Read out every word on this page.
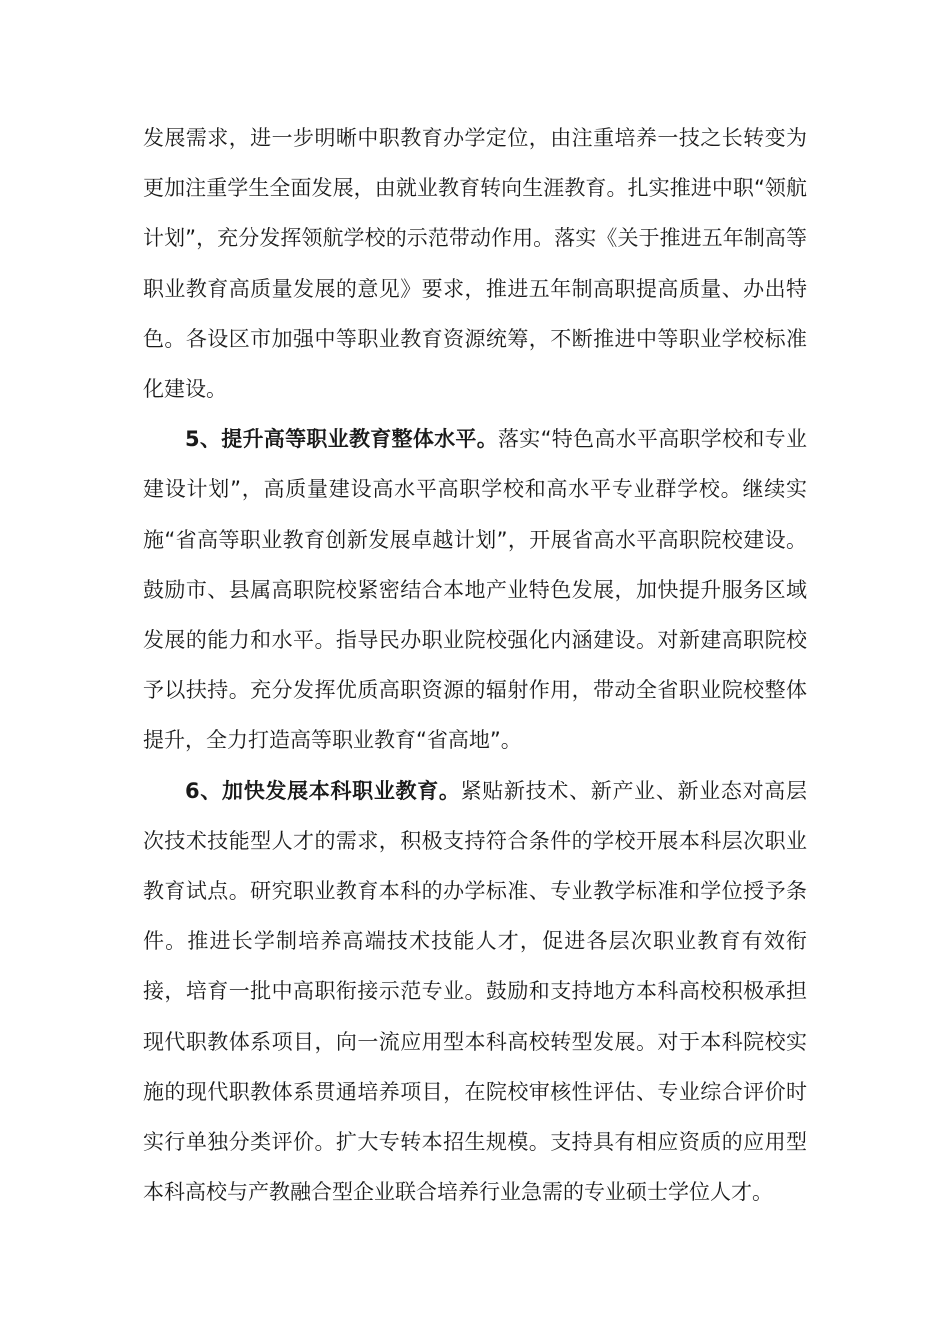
发展需求，进一步明晰中职教育办学定位，由注重培养一技之长转变为更加注重学生全面发展，由就业教育转向生涯教育。扎实推进中职“领航计划”，充分发挥领航学校的示范带动作用。落实《关于推进五年制高等职业教育高质量发展的意见》要求，推进五年制高职提高质量、办出特色。各设区市加强中等职业教育资源统筹，不断推进中等职业学校标准化建设。

5、提升高等职业教育整体水平。落实“特色高水平高职学校和专业建设计划”，高质量建设高水平高职学校和高水平专业群学校。继续实施“省高等职业教育创新发展卓越计划”，开展省高水平高职院校建设。鼓励市、县属高职院校紧密结合本地产业特色发展，加快提升服务区域发展的能力和水平。指导民办职业院校强化内涵建设。对新建高职院校予以扶持。充分发挥优质高职资源的辐射作用，带动全省职业院校整体提升，全力打造高等职业教育“省高地”。

6、加快发展本科职业教育。紧贴新技术、新产业、新业态对高层次技术技能型人才的需求，积极支持符合条件的学校开展本科层次职业教育试点。研究职业教育本科的办学标准、专业教学标准和学位授予条件。推进长学制培养高端技术技能人才，促进各层次职业教育有效衔接，培育一批中高职衔接示范专业。鼓励和支持地方本科高校积极承担现代职教体系项目，向一流应用型本科高校转型发展。对于本科院校实施的现代职教体系贯通培养项目，在院校审核性评估、专业综合评价时实行单独分类评价。扩大专转本招生规模。支持具有相应资质的应用型本科高校与产教融合型企业联合培养行业急需的专业硕士学位人才。
